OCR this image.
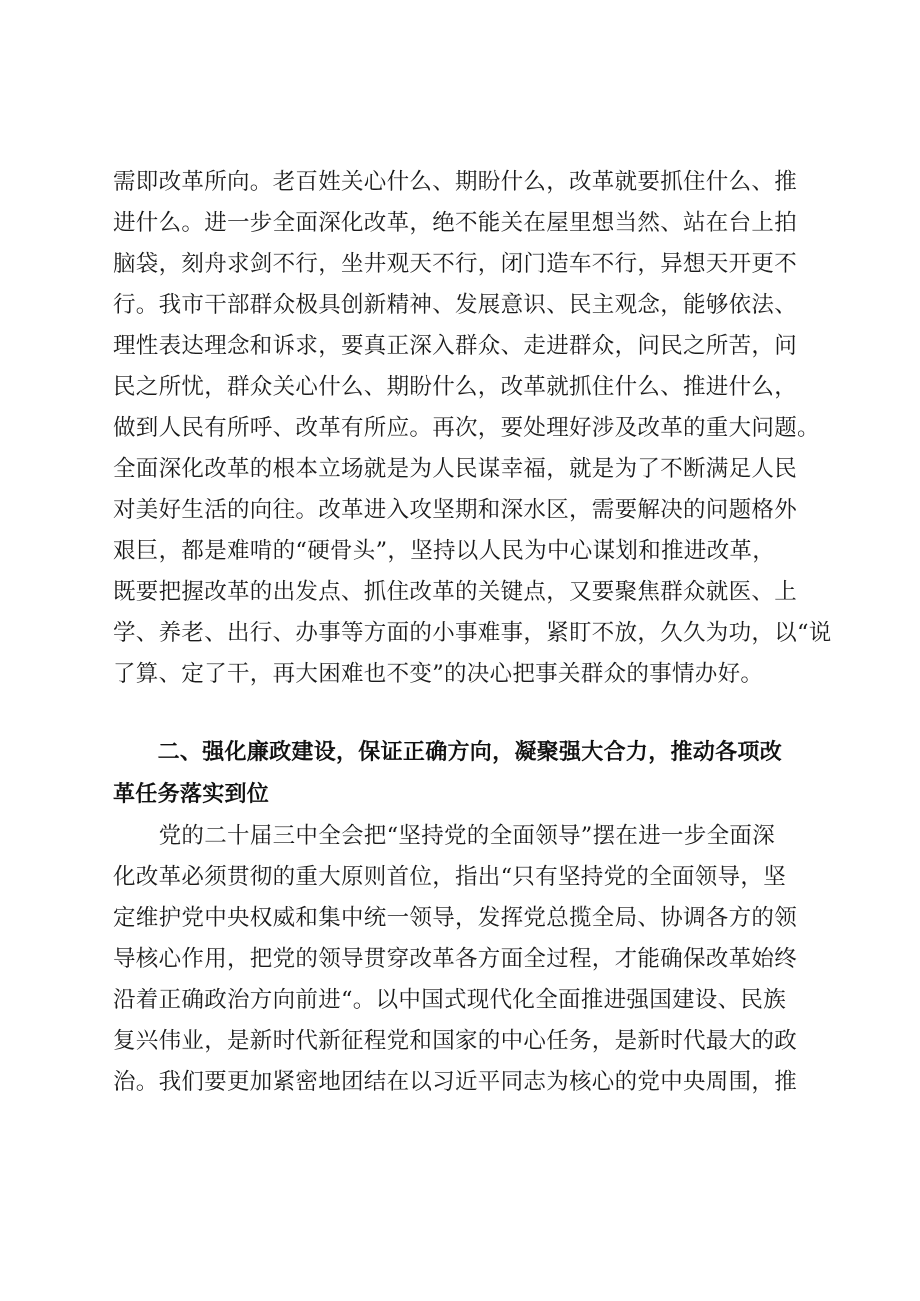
需即改革所向。老百姓关心什么、期盼什么，改革就要抓住什么、推
进什么。进一步全面深化改革，绝不能关在屋里想当然、站在台上拍
脑袋，刻舟求剑不行，坐井观天不行，闭门造车不行，异想天开更不
行。我市干部群众极具创新精神、发展意识、民主观念，能够依法、
理性表达理念和诉求，要真正深入群众、走进群众，问民之所苦，问
民之所忧，群众关心什么、期盼什么，改革就抓住什么、推进什么，
做到人民有所呼、改革有所应。再次，要处理好涉及改革的重大问题。
全面深化改革的根本立场就是为人民谋幸福，就是为了不断满足人民
对美好生活的向往。改革进入攻坚期和深水区，需要解决的问题格外
艰巨，都是难啃的“硬骨头”，坚持以人民为中心谋划和推进改革，
既要把握改革的出发点、抓住改革的关键点，又要聚焦群众就医、上
学、养老、出行、办事等方面的小事难事，紧盯不放，久久为功，以“说
了算、定了干，再大困难也不变”的决心把事关群众的事情办好。
　　二、强化廉政建设，保证正确方向，凝聚强大合力，推动各项改
革任务落实到位
　　党的二十届三中全会把“坚持党的全面领导”摆在进一步全面深
化改革必须贯彻的重大原则首位，指出“只有坚持党的全面领导，坚
定维护党中央权威和集中统一领导，发挥党总揽全局、协调各方的领
导核心作用，把党的领导贯穿改革各方面全过程，才能确保改革始终
沿着正确政治方向前进“。以中国式现代化全面推进强国建设、民族
复兴伟业，是新时代新征程党和国家的中心任务，是新时代最大的政
治。我们要更加紧密地团结在以习近平同志为核心的党中央周围，推
